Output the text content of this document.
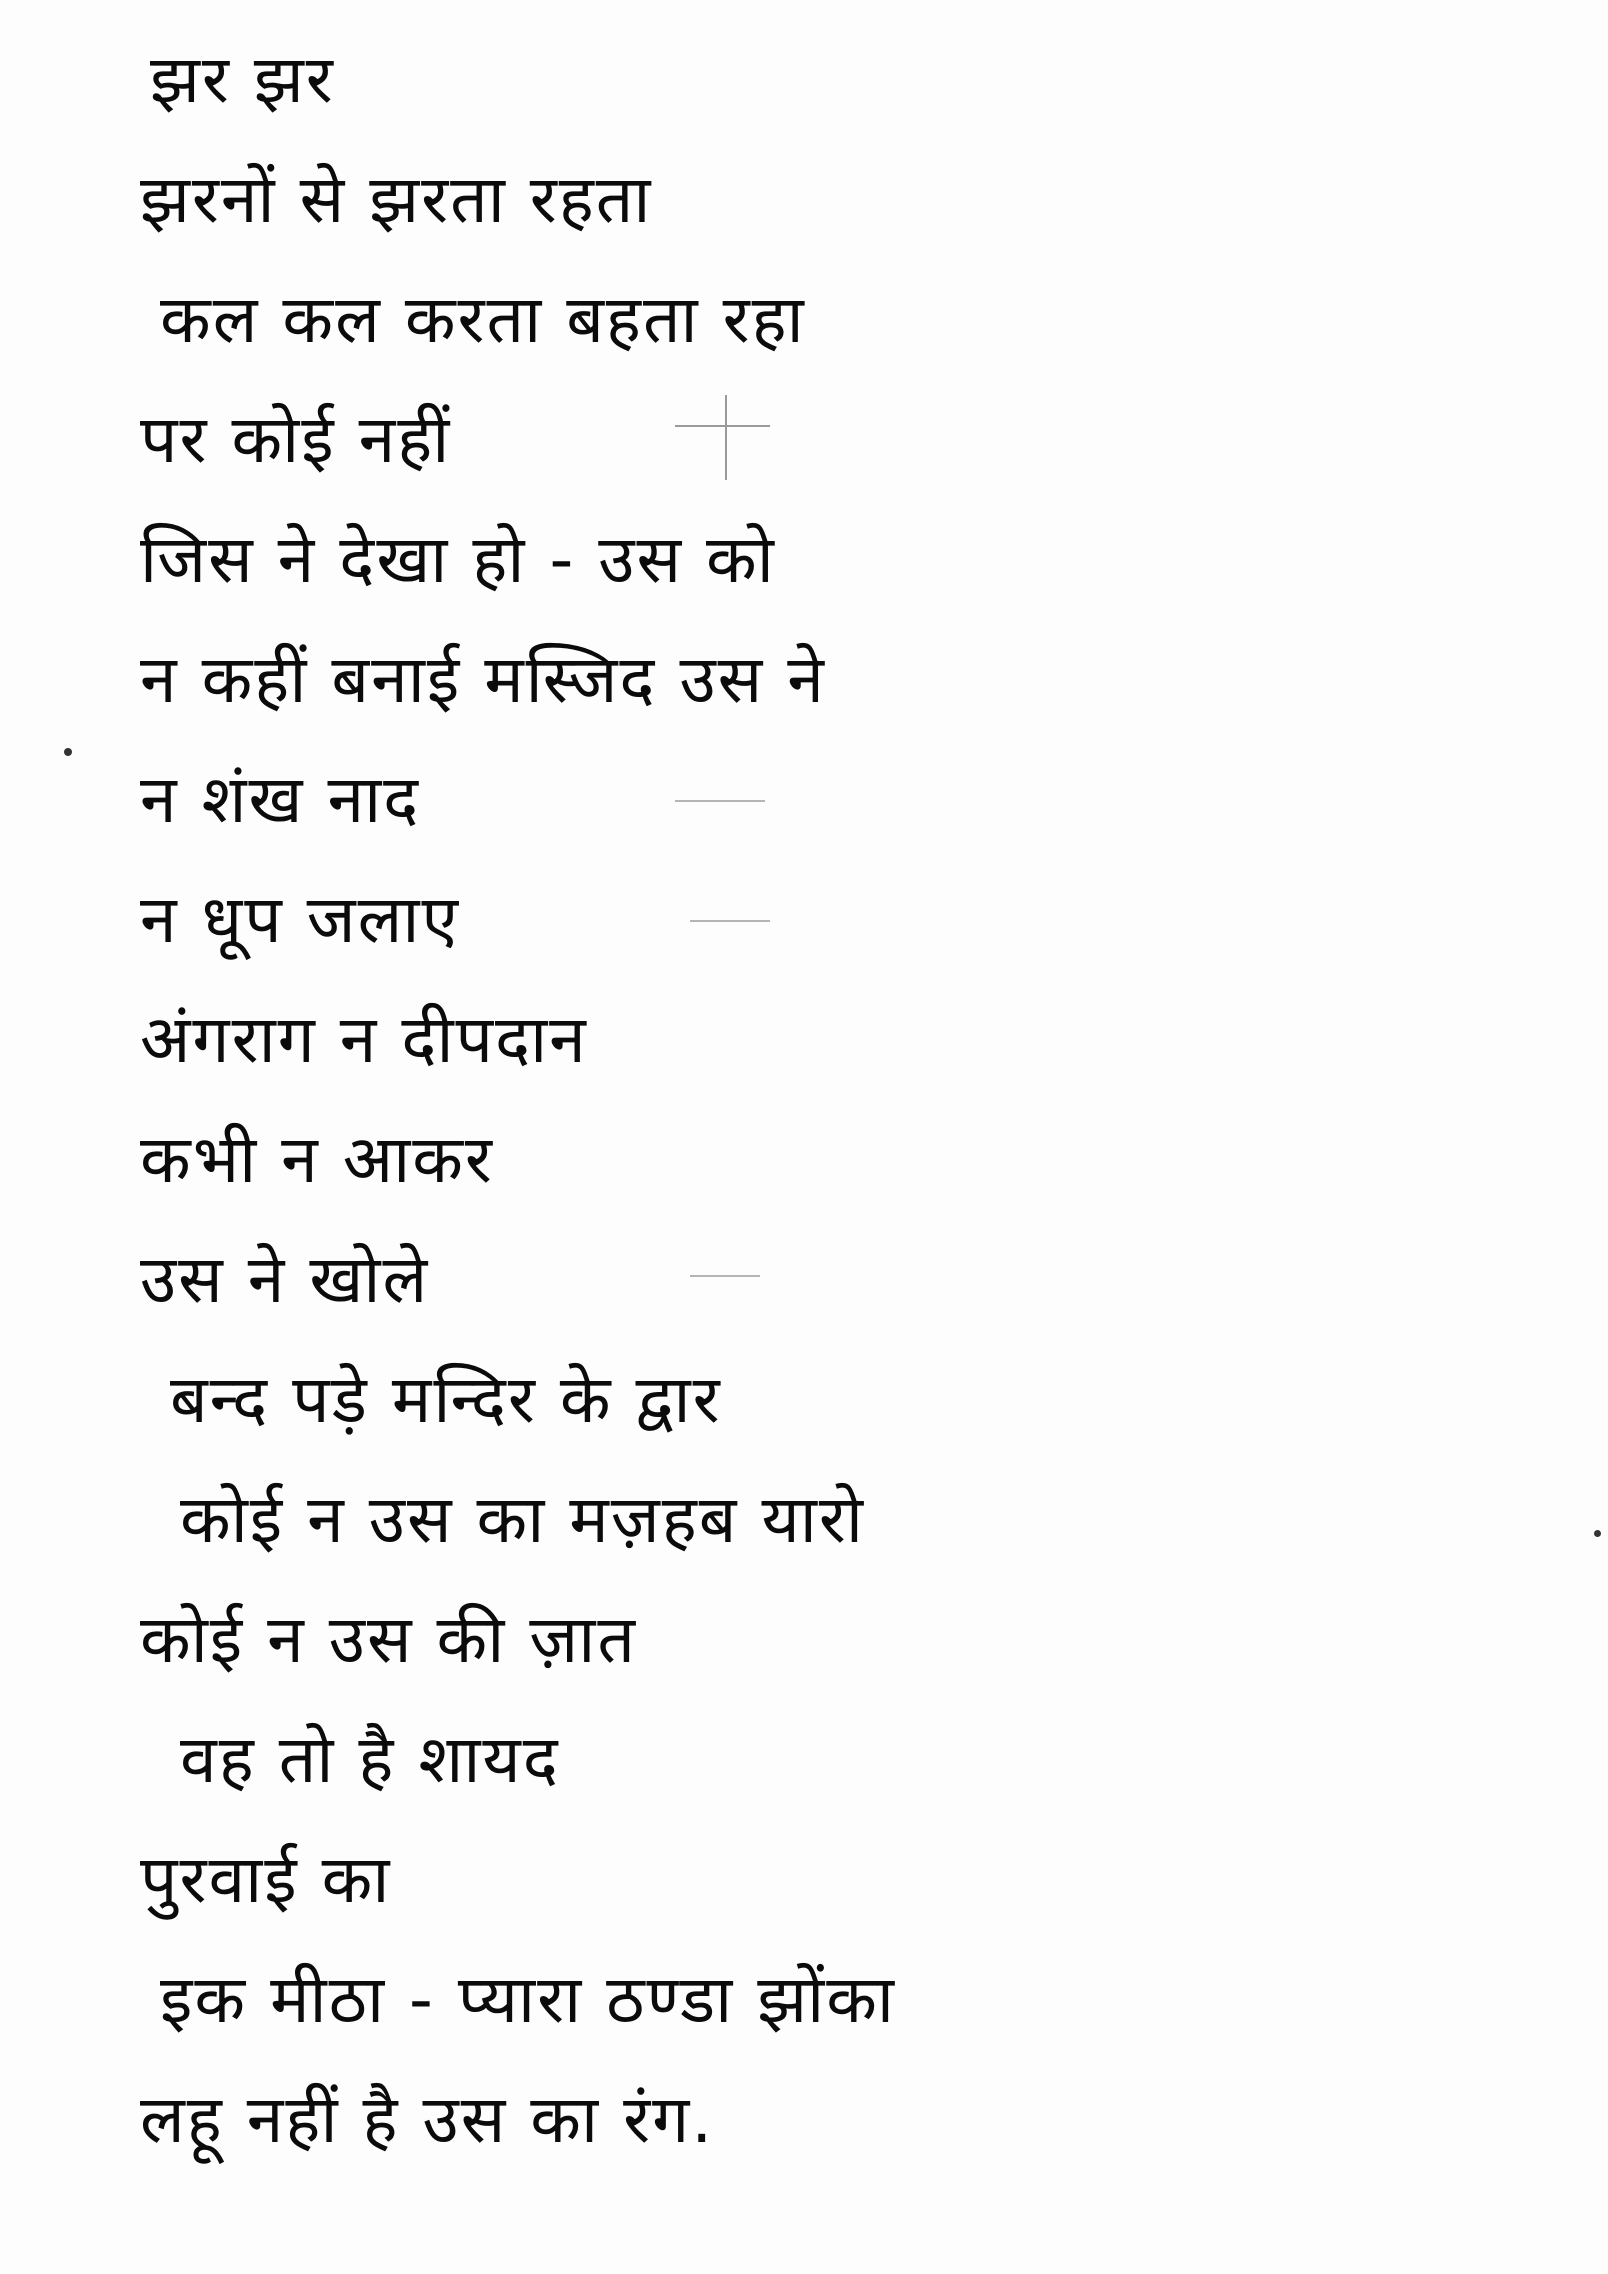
झर झर
झरनों से झरता रहता
कल कल करता बहता रहा
पर कोई नहीं
जिस ने देखा हो - उस को
न कहीं बनाई मस्जिद उस ने
न शंख नाद
न धूप जलाए
अंगराग न दीपदान
कभी न आकर
उस ने खोले
बन्द पड़े मन्दिर के द्वार
कोई न उस का मज़हब यारो
कोई न उस की ज़ात
वह तो है शायद
पुरवाई का
इक मीठा - प्यारा ठण्डा झोंका
लहू नहीं है उस का रंग.
